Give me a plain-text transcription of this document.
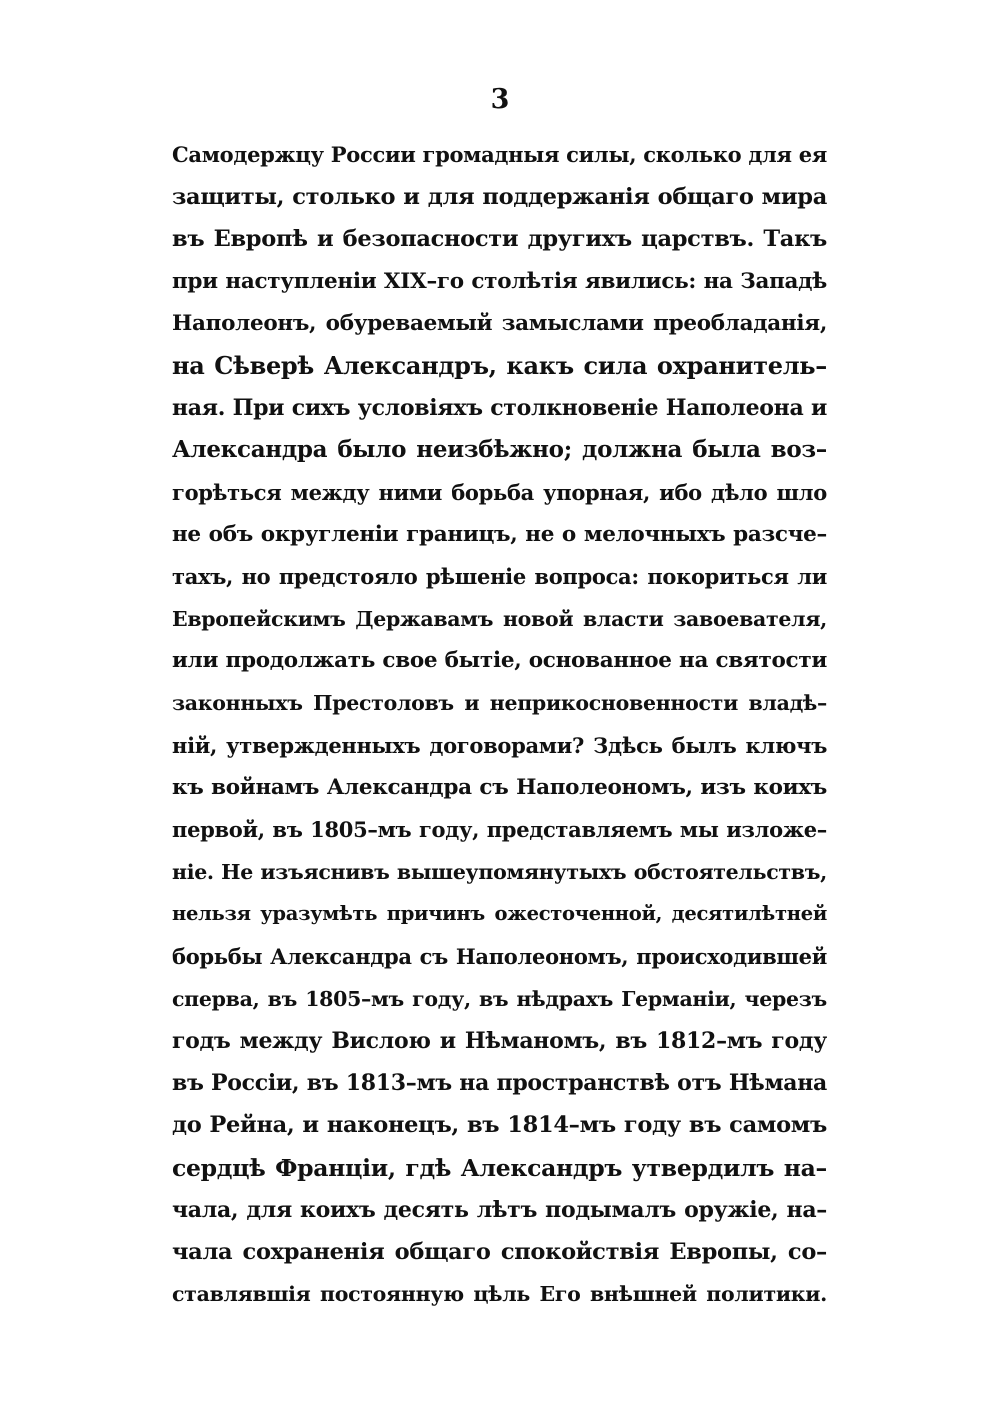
3
Самодержцу России громадныя силы, сколько для ея
защиты, столько и для поддержанія общаго мира
въ Европѣ и безопасности другихъ царствъ. Такъ
при наступленіи XIX–го столѣтія явились: на Западѣ
Наполеонъ, обуреваемый замыслами преобладанія,
на Сѣверѣ Александръ, какъ сила охранитель–
ная. При сихъ условіяхъ столкновеніе Наполеона и
Александра было неизбѣжно; должна была воз–
горѣться между ними борьба упорная, ибо дѣло шло
не объ округленіи границъ, не о мелочныхъ разсче–
тахъ, но предстояло рѣшеніе вопроса: покориться ли
Европейскимъ Державамъ новой власти завоевателя,
или продолжать свое бытіе, основанное на святости
законныхъ Престоловъ и неприкосновенности владѣ–
ній, утвержденныхъ договорами? Здѣсь былъ ключъ
къ войнамъ Александра съ Наполеономъ, изъ коихъ
первой, въ 1805–мъ году, представляемъ мы изложе–
ніе. Не изъяснивъ вышеупомянутыхъ обстоятельствъ,
нельзя уразумѣть причинъ ожесточенной, десятилѣтней
борьбы Александра съ Наполеономъ, происходившей
сперва, въ 1805–мъ году, въ нѣдрахъ Германіи, черезъ
годъ между Вислою и Нѣманомъ, въ 1812–мъ году
въ Россіи, въ 1813–мъ на пространствѣ отъ Нѣмана
до Рейна, и наконецъ, въ 1814–мъ году въ самомъ
сердцѣ Франціи, гдѣ Александръ утвердилъ на–
чала, для коихъ десять лѣтъ подымалъ оружіе, на–
чала сохраненія общаго спокойствія Европы, со–
ставлявшія постоянную цѣль Его внѣшней политики.
